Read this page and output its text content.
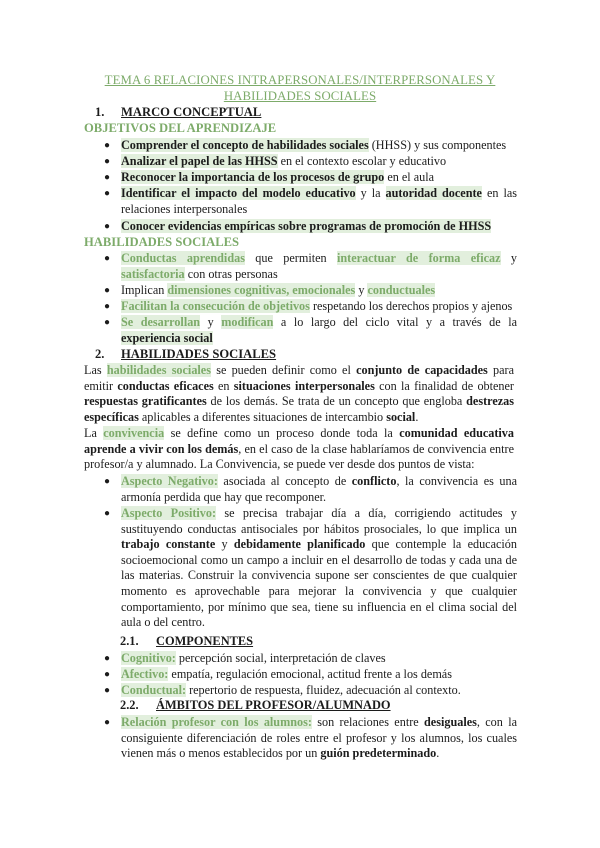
TEMA 6 RELACIONES INTRAPERSONALES/INTERPERSONALES Y
HABILIDADES SOCIALES
1. MARCO CONCEPTUAL
OBJETIVOS DEL APRENDIZAJE
● Comprender el concepto de habilidades sociales (HHSS) y sus componentes
● Analizar el papel de las HHSS en el contexto escolar y educativo
● Reconocer la importancia de los procesos de grupo en el aula
● Identificar el impacto del modelo educativo y la autoridad docente en las
relaciones interpersonales
● Conocer evidencias empíricas sobre programas de promoción de HHSS
HABILIDADES SOCIALES
● Conductas aprendidas que permiten interactuar de forma eficaz y
satisfactoria con otras personas
● Implican dimensiones cognitivas, emocionales y conductuales
● Facilitan la consecución de objetivos respetando los derechos propios y ajenos
● Se desarrollan y modifican a lo largo del ciclo vital y a través de la
experiencia social
2. HABILIDADES SOCIALES
Las habilidades sociales se pueden definir como el conjunto de capacidades para
emitir conductas eficaces en situaciones interpersonales con la finalidad de obtener
respuestas gratificantes de los demás. Se trata de un concepto que engloba destrezas
específicas aplicables a diferentes situaciones de intercambio social.
La convivencia se define como un proceso donde toda la comunidad educativa
aprende a vivir con los demás, en el caso de la clase hablaríamos de convivencia entre
profesor/a y alumnado. La Convivencia, se puede ver desde dos puntos de vista:
● Aspecto Negativo: asociada al concepto de conflicto, la convivencia es una
armonía perdida que hay que recomponer.
● Aspecto Positivo: se precisa trabajar día a día, corrigiendo actitudes y
sustituyendo conductas antisociales por hábitos prosociales, lo que implica un
trabajo constante y debidamente planificado que contemple la educación
socioemocional como un campo a incluir en el desarrollo de todas y cada una de
las materias. Construir la convivencia supone ser conscientes de que cualquier
momento es aprovechable para mejorar la convivencia y que cualquier
comportamiento, por mínimo que sea, tiene su influencia en el clima social del
aula o del centro.
2.1. COMPONENTES
● Cognitivo: percepción social, interpretación de claves
● Afectivo: empatía, regulación emocional, actitud frente a los demás
● Conductual: repertorio de respuesta, fluidez, adecuación al contexto.
2.2. ÁMBITOS DEL PROFESOR/ALUMNADO
● Relación profesor con los alumnos: son relaciones entre desiguales, con la
consiguiente diferenciación de roles entre el profesor y los alumnos, los cuales
vienen más o menos establecidos por un guión predeterminado.
